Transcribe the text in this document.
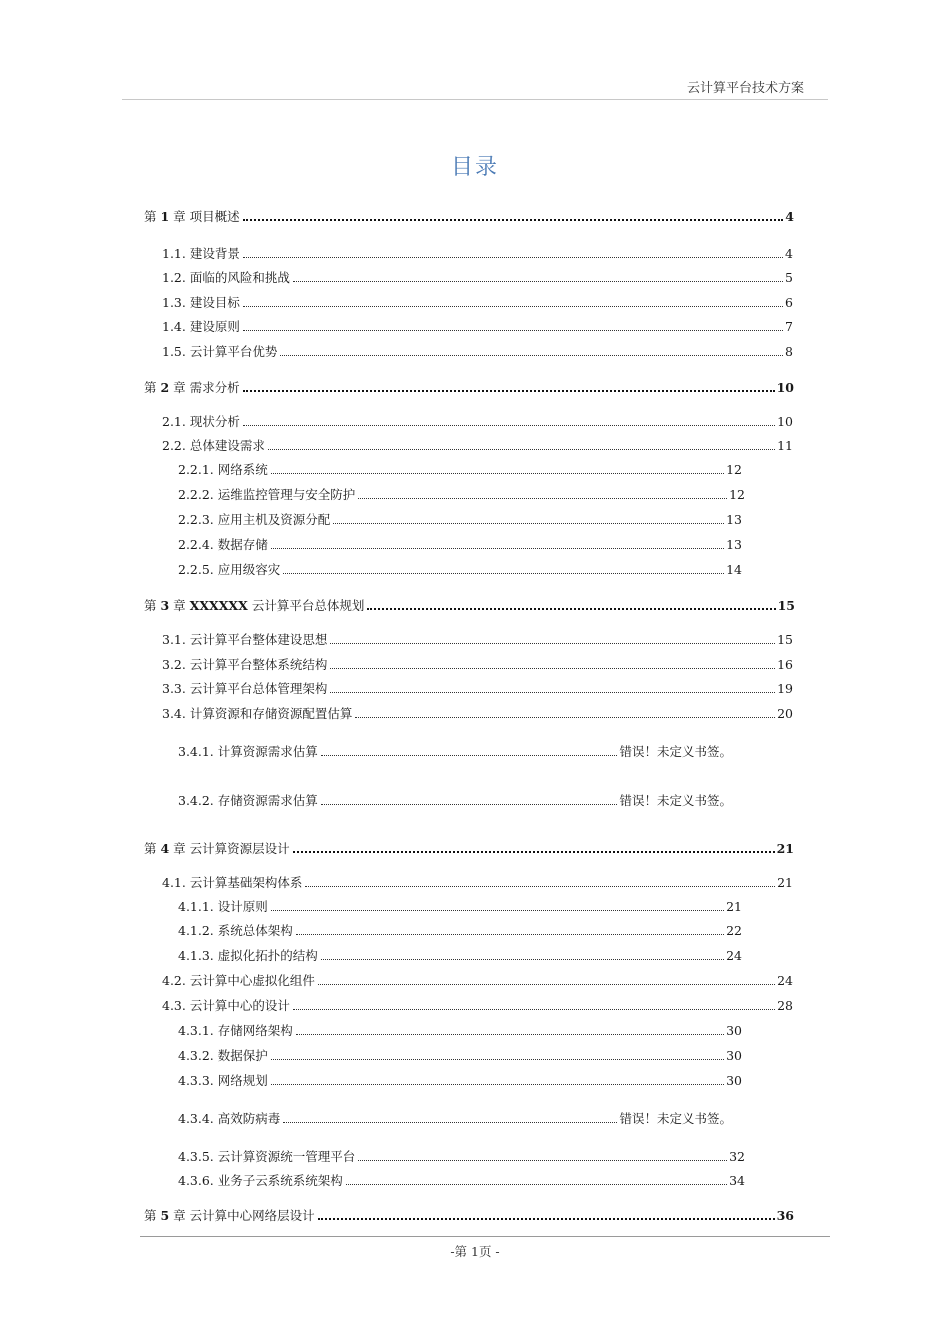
云计算平台技术方案
目录
第 1 章 项目概述	4
1.1. 建设背景	4
1.2. 面临的风险和挑战	5
1.3. 建设目标	6
1.4. 建设原则	7
1.5. 云计算平台优势	8
第 2 章 需求分析	10
2.1. 现状分析	10
2.2. 总体建设需求	11
2.2.1. 网络系统	12
2.2.2. 运维监控管理与安全防护	12
2.2.3. 应用主机及资源分配	13
2.2.4. 数据存储	13
2.2.5. 应用级容灾	14
第 3 章 XXXXXX 云计算平台总体规划	15
3.1. 云计算平台整体建设思想	15
3.2. 云计算平台整体系统结构	16
3.3. 云计算平台总体管理架构	19
3.4. 计算资源和存储资源配置估算	20
3.4.1. 计算资源需求估算	错误！未定义书签。
3.4.2. 存储资源需求估算	错误！未定义书签。
第 4 章 云计算资源层设计	21
4.1. 云计算基础架构体系	21
4.1.1. 设计原则	21
4.1.2. 系统总体架构	22
4.1.3. 虚拟化拓扑的结构	24
4.2. 云计算中心虚拟化组件	24
4.3. 云计算中心的设计	28
4.3.1. 存储网络架构	30
4.3.2. 数据保护	30
4.3.3. 网络规划	30
4.3.4. 高效防病毒	错误！未定义书签。
4.3.5. 云计算资源统一管理平台	32
4.3.6. 业务子云系统系统架构	34
第 5 章 云计算中心网络层设计	36
-第 1页 -
